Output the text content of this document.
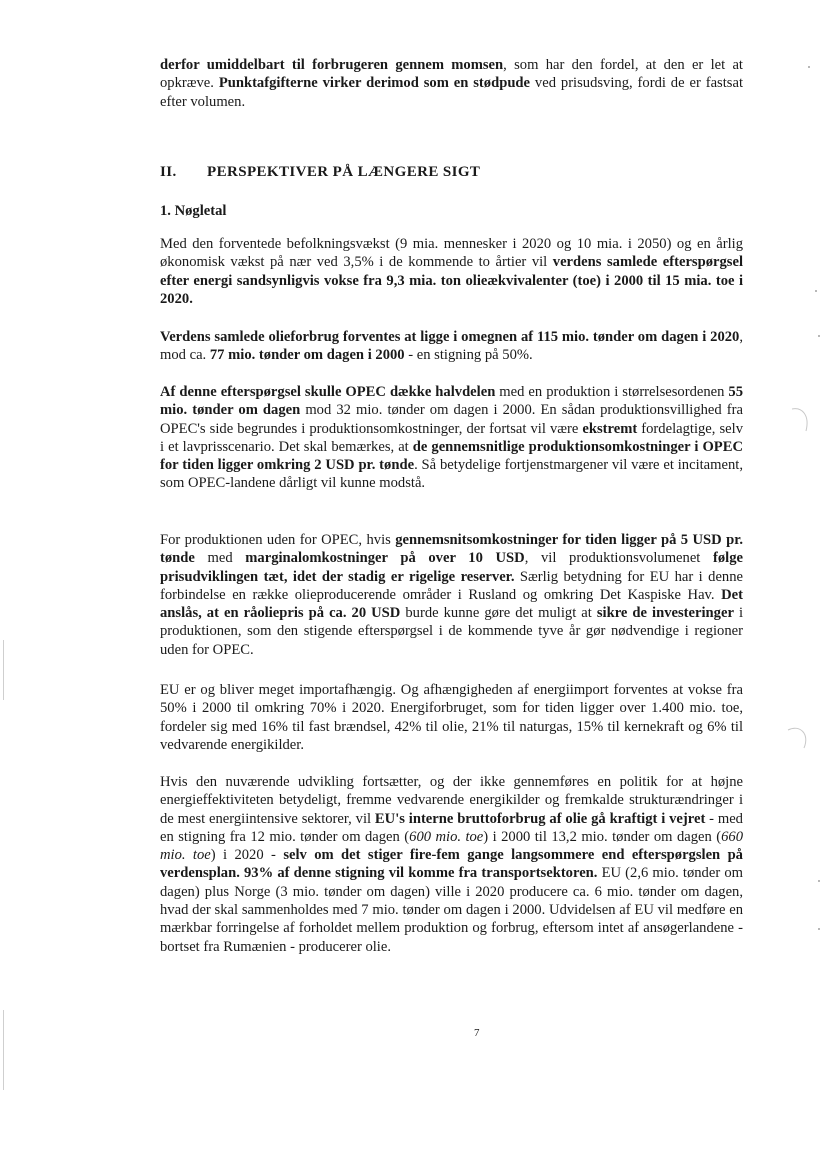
derfor umiddelbart til forbrugeren gennem momsen, som har den fordel, at den er let at opkræve. Punktafgifterne virker derimod som en stødpude ved prisudsving, fordi de er fastsat efter volumen.

II. PERSPEKTIVER PÅ LÆNGERE SIGT
1. Nøgletal

Med den forventede befolkningsvækst (9 mia. mennesker i 2020 og 10 mia. i 2050) og en årlig økonomisk vækst på nær ved 3,5% i de kommende to årtier vil verdens samlede efterspørgsel efter energi sandsynligvis vokse fra 9,3 mia. ton olieækvivalenter (toe) i 2000 til 15 mia. toe i 2020.

Verdens samlede olieforbrug forventes at ligge i omegnen af 115 mio. tønder om dagen i 2020, mod ca. 77 mio. tønder om dagen i 2000 - en stigning på 50%.

Af denne efterspørgsel skulle OPEC dække halvdelen med en produktion i størrelsesordenen 55 mio. tønder om dagen mod 32 mio. tønder om dagen i 2000. En sådan produktionsvillighed fra OPEC's side begrundes i produktionsomkostninger, der fortsat vil være ekstremt fordelagtige, selv i et lavprisscenario. Det skal bemærkes, at de gennemsnitlige produktionsomkostninger i OPEC for tiden ligger omkring 2 USD pr. tønde. Så betydelige fortjenstmargener vil være et incitament, som OPEC-landene dårligt vil kunne modstå.

For produktionen uden for OPEC, hvis gennemsnitsomkostninger for tiden ligger på 5 USD pr. tønde med marginalomkostninger på over 10 USD, vil produktionsvolumenet følge prisudviklingen tæt, idet der stadig er rigelige reserver. Særlig betydning for EU har i denne forbindelse en række olieproducerende områder i Rusland og omkring Det Kaspiske Hav. Det anslås, at en råoliepris på ca. 20 USD burde kunne gøre det muligt at sikre de investeringer i produktionen, som den stigende efterspørgsel i de kommende tyve år gør nødvendige i regioner uden for OPEC.

EU er og bliver meget importafhængig. Og afhængigheden af energiimport forventes at vokse fra 50% i 2000 til omkring 70% i 2020. Energiforbruget, som for tiden ligger over 1.400 mio. toe, fordeler sig med 16% til fast brændsel, 42% til olie, 21% til naturgas, 15% til kernekraft og 6% til vedvarende energikilder.

Hvis den nuværende udvikling fortsætter, og der ikke gennemføres en politik for at højne energieffektiviteten betydeligt, fremme vedvarende energikilder og fremkalde strukturændringer i de mest energiintensive sektorer, vil EU's interne bruttoforbrug af olie gå kraftigt i vejret - med en stigning fra 12 mio. tønder om dagen (600 mio. toe) i 2000 til 13,2 mio. tønder om dagen (660 mio. toe) i 2020 - selv om det stiger fire-fem gange langsommere end efterspørgslen på verdensplan. 93% af denne stigning vil komme fra transportsektoren. EU (2,6 mio. tønder om dagen) plus Norge (3 mio. tønder om dagen) ville i 2020 producere ca. 6 mio. tønder om dagen, hvad der skal sammenholdes med 7 mio. tønder om dagen i 2000. Udvidelsen af EU vil medføre en mærkbar forringelse af forholdet mellem produktion og forbrug, eftersom intet af ansøgerlandene - bortset fra Rumænien - producerer olie.

7
